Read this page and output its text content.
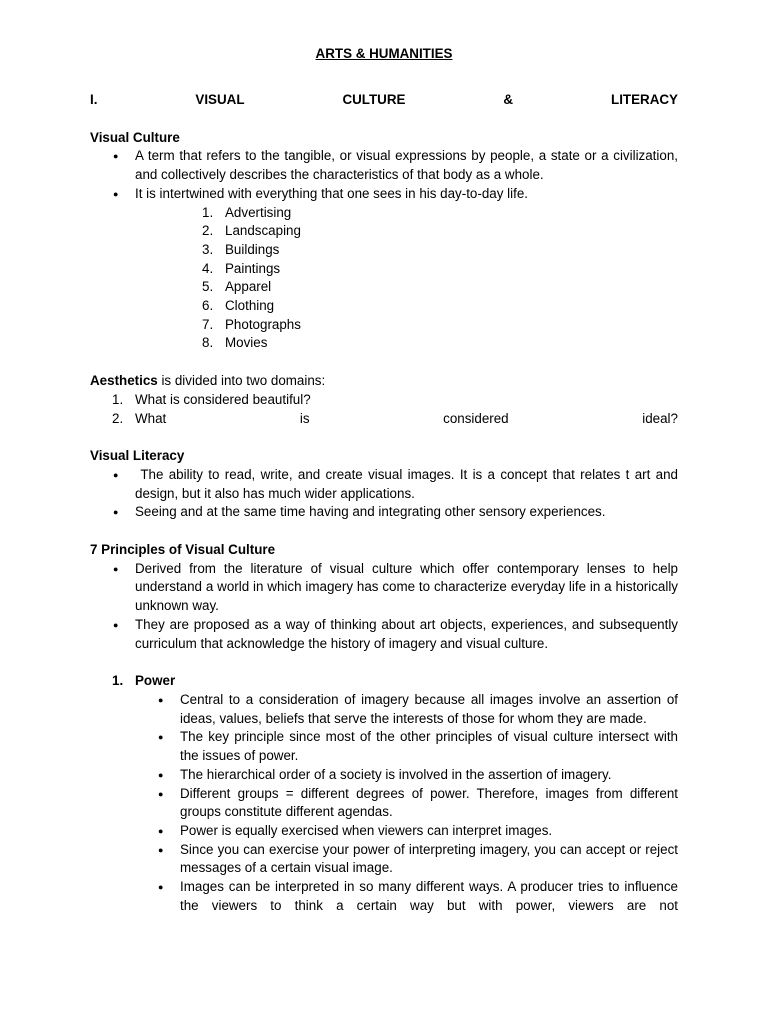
ARTS & HUMANITIES
I.	VISUAL	CULTURE	&	LITERACY
Visual Culture
● A term that refers to the tangible, or visual expressions by people, a state or a civilization, and collectively describes the characteristics of that body as a whole.
● It is intertwined with everything that one sees in his day-to-day life.
1. Advertising
2. Landscaping
3. Buildings
4. Paintings
5. Apparel
6. Clothing
7. Photographs
8. Movies
Aesthetics is divided into two domains:
1. What is considered beautiful?
2. What	is	considered	ideal?
Visual Literacy
●  The ability to read, write, and create visual images. It is a concept that relates t art and design, but it also has much wider applications.
● Seeing and at the same time having and integrating other sensory experiences.
7 Principles of Visual Culture
● Derived from the literature of visual culture which offer contemporary lenses to help understand a world in which imagery has come to characterize everyday life in a historically unknown way.
● They are proposed as a way of thinking about art objects, experiences, and subsequently curriculum that acknowledge the history of imagery and visual culture.
1. Power
● Central to a consideration of imagery because all images involve an assertion of ideas, values, beliefs that serve the interests of those for whom they are made.
● The key principle since most of the other principles of visual culture intersect with the issues of power.
● The hierarchical order of a society is involved in the assertion of imagery.
● Different groups = different degrees of power. Therefore, images from different groups constitute different agendas.
● Power is equally exercised when viewers can interpret images.
● Since you can exercise your power of interpreting imagery, you can accept or reject messages of a certain visual image.
● Images can be interpreted in so many different ways. A producer tries to influence the viewers to think a certain way but with power, viewers are not
